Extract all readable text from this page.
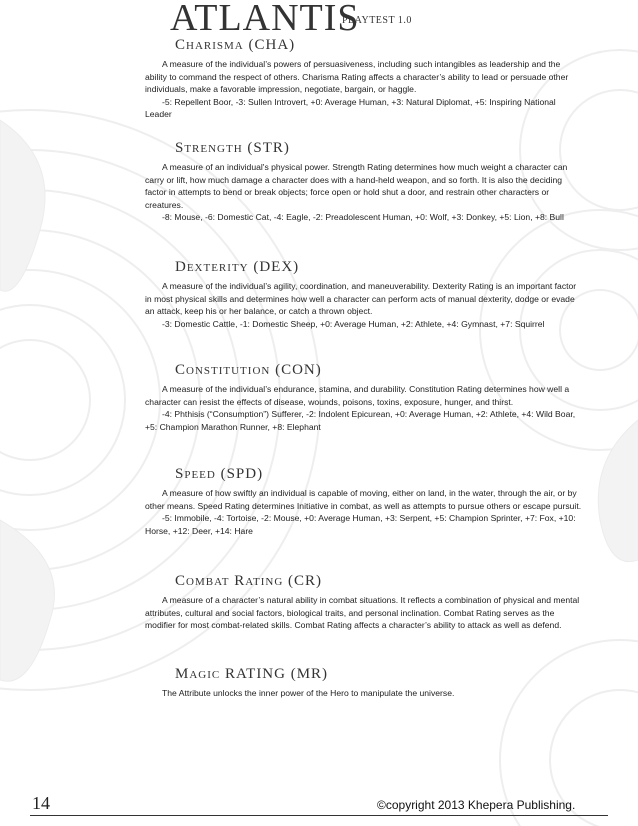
ATLANTIS
PLAYTEST 1.0
Charisma (CHA)

A measure of the individual’s powers of persuasiveness, including such intangibles as leadership and the ability to command the respect of others. Charisma Rating affects a character’s ability to lead or persuade other individuals, make a favorable impression, negotiate, bargain, or haggle.

-5: Repellent Boor, -3: Sullen Introvert, +0: Average Human, +3: Natural Diplomat, +5: Inspiring National Leader

Strength (STR)

A measure of an individual's physical power. Strength Rating determines how much weight a character can carry or lift, how much damage a character does with a hand-held weapon, and so forth. It is also the deciding factor in attempts to bend or break objects; force open or hold shut a door, and restrain other characters or creatures.

-8: Mouse, -6: Domestic Cat, -4: Eagle, -2: Preadolescent Human, +0: Wolf, +3: Donkey, +5: Lion, +8: Bull

Dexterity (DEX)

A measure of the individual’s agility, coordination, and maneuverability. Dexterity Rating is an important factor in most physical skills and determines how well a character can perform acts of manual dexterity, dodge or evade an attack, keep his or her balance, or catch a thrown object.

-3: Domestic Cattle, -1: Domestic Sheep, +0: Average Human, +2: Athlete, +4: Gymnast, +7: Squirrel

Constitution (CON)

A measure of the individual’s endurance, stamina, and durability. Constitution Rating determines how well a character can resist the effects of disease, wounds, poisons, toxins, exposure, hunger, and thirst.

-4: Phthisis (“Consumption”) Sufferer, -2: Indolent Epicurean, +0: Average Human, +2: Athlete, +4: Wild Boar, +5: Champion Marathon Runner, +8: Elephant

Speed (SPD)

A measure of how swiftly an individual is capable of moving, either on land, in the water, through the air, or by other means. Speed Rating determines Initiative in combat, as well as attempts to pursue others or escape pursuit.

-5: Immobile, -4: Tortoise, -2: Mouse, +0: Average Human, +3: Serpent, +5: Champion Sprinter, +7: Fox, +10: Horse, +12: Deer, +14: Hare

Combat Rating (CR)

A measure of a character’s natural ability in combat situations. It reflects a combination of physical and mental attributes, cultural and social factors, biological traits, and personal inclination. Combat Rating serves as the modifier for most combat-related skills. Combat Rating affects a character’s ability to attack as well as defend.

Magic RATING (MR)

The Attribute unlocks the inner power of the Hero to manipulate the universe.

14	©copyright 2013 Khepera Publishing.
